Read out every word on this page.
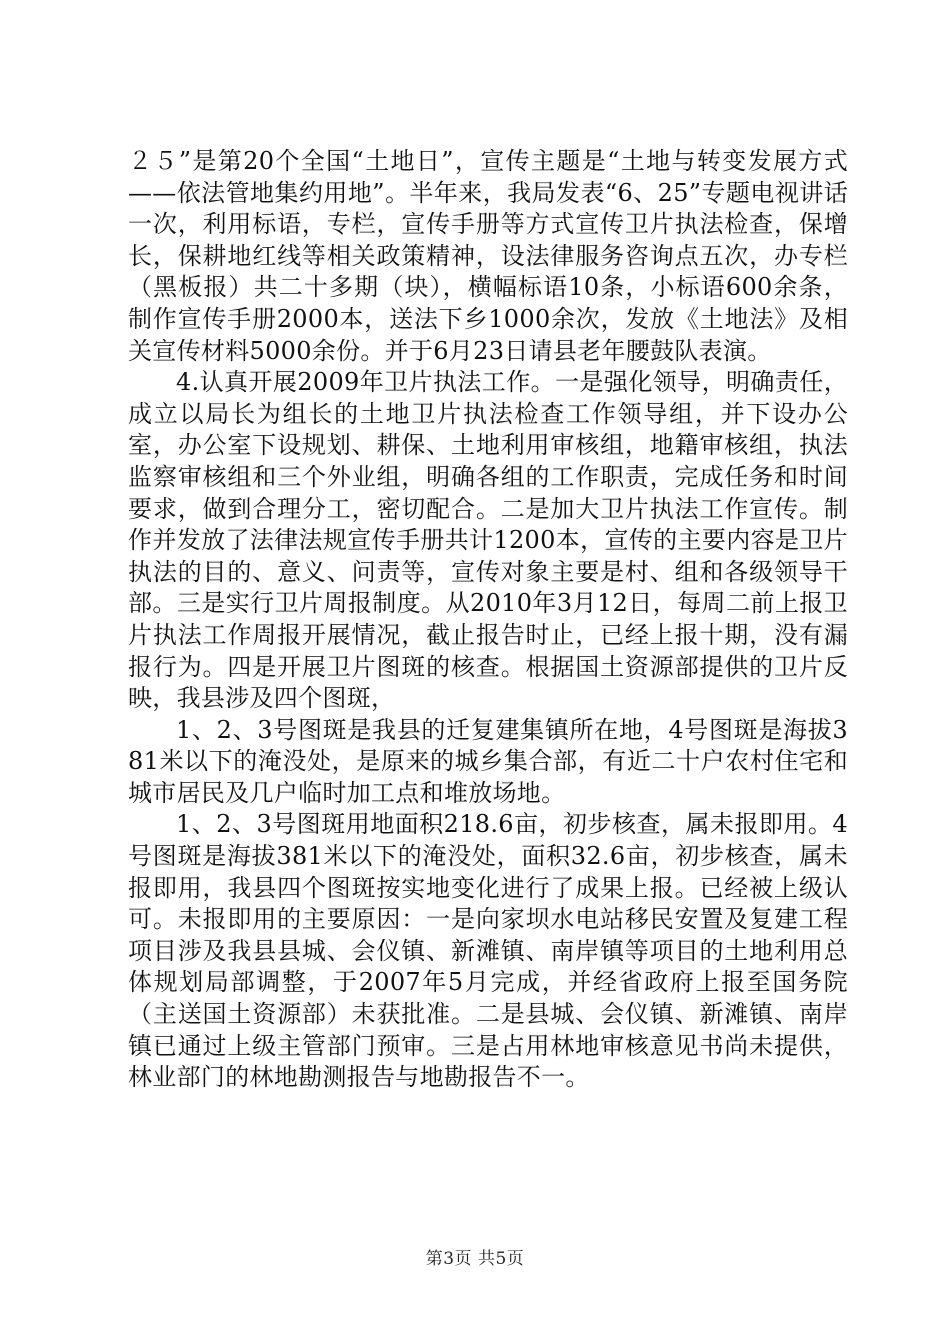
２５”是第20个全国“土地日”，宣传主题是“土地与转变发展方式——依法管地集约用地”。半年来，我局发表“6、25”专题电视讲话一次，利用标语，专栏，宣传手册等方式宣传卫片执法检查，保增长，保耕地红线等相关政策精神，设法律服务咨询点五次，办专栏（黑板报）共二十多期（块），横幅标语10条，小标语600余条，制作宣传手册2000本，送法下乡1000余次，发放《土地法》及相关宣传材料5000余份。并于6月23日请县老年腰鼓队表演。

4.认真开展2009年卫片执法工作。一是强化领导，明确责任，成立以局长为组长的土地卫片执法检查工作领导组，并下设办公室，办公室下设规划、耕保、土地利用审核组，地籍审核组，执法监察审核组和三个外业组，明确各组的工作职责，完成任务和时间要求，做到合理分工，密切配合。二是加大卫片执法工作宣传。制作并发放了法律法规宣传手册共计1200本，宣传的主要内容是卫片执法的目的、意义、问责等，宣传对象主要是村、组和各级领导干部。三是实行卫片周报制度。从2010年3月12日，每周二前上报卫片执法工作周报开展情况，截止报告时止，已经上报十期，没有漏报行为。四是开展卫片图斑的核查。根据国土资源部提供的卫片反映，我县涉及四个图斑，

1、2、3号图斑是我县的迁复建集镇所在地，4号图斑是海拔381米以下的淹没处，是原来的城乡集合部，有近二十户农村住宅和城市居民及几户临时加工点和堆放场地。

1、2、3号图斑用地面积218.6亩，初步核查，属未报即用。4号图斑是海拔381米以下的淹没处，面积32.6亩，初步核查，属未报即用，我县四个图斑按实地变化进行了成果上报。已经被上级认可。未报即用的主要原因：一是向家坝水电站移民安置及复建工程项目涉及我县县城、会仪镇、新滩镇、南岸镇等项目的土地利用总体规划局部调整，于2007年5月完成，并经省政府上报至国务院（主送国土资源部）未获批准。二是县城、会仪镇、新滩镇、南岸镇已通过上级主管部门预审。三是占用林地审核意见书尚未提供，林业部门的林地勘测报告与地勘报告不一。

第3页 共5页
